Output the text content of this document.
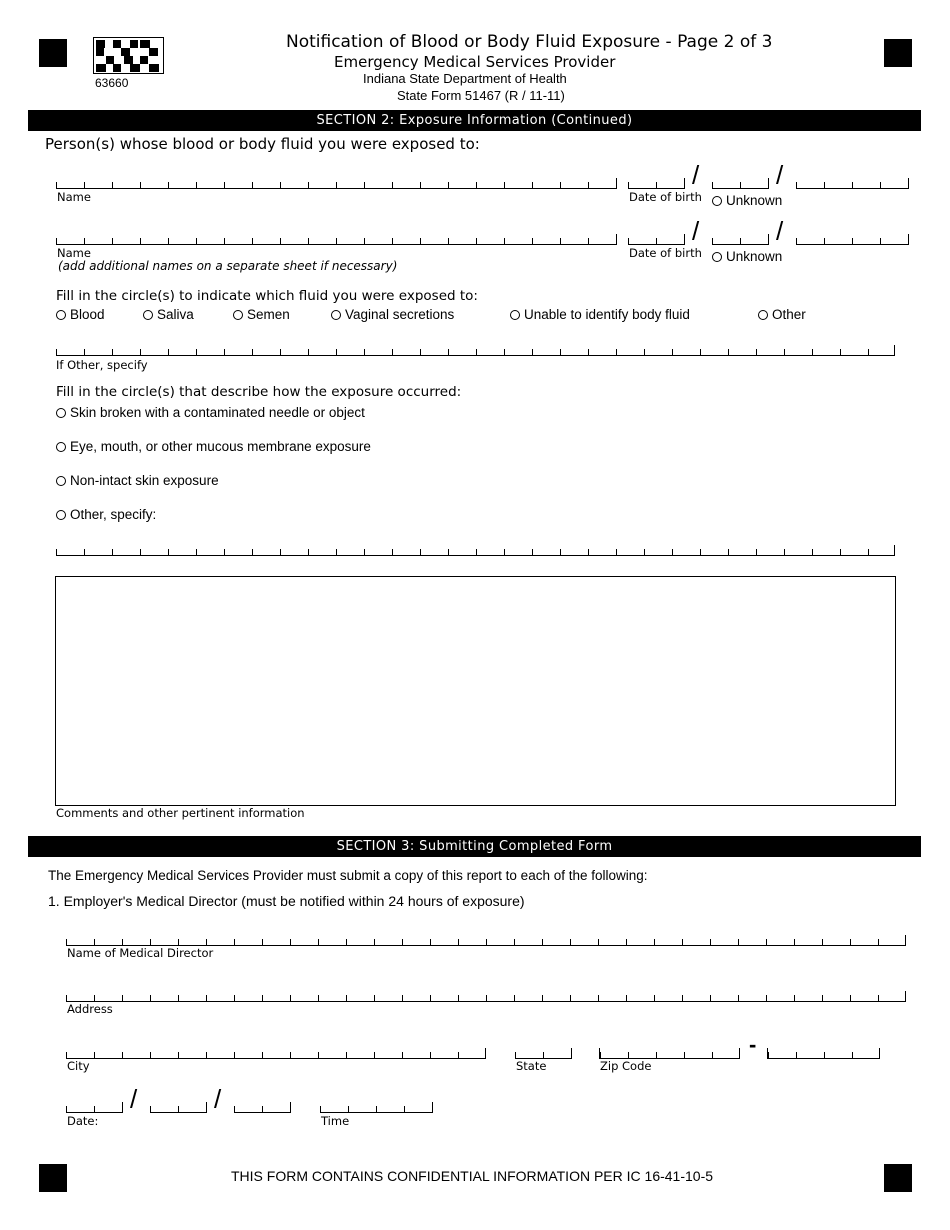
63660
Notification of Blood or Body Fluid Exposure - Page 2 of 3
Emergency Medical Services Provider
Indiana State Department of Health
State Form 51467 (R / 11-11)
SECTION 2: Exposure Information (Continued)
Person(s) whose blood or body fluid you were exposed to:
Name
/	/
Date of birth	Unknown
Name
/	/
Date of birth	Unknown
(add additional names on a separate sheet if necessary)
Fill in the circle(s) to indicate which fluid you were exposed to:
Blood	Saliva	Semen	Vaginal secretions	Unable to identify body fluid	Other
If Other, specify
Fill in the circle(s) that describe how the exposure occurred:
Skin broken with a contaminated needle or object
Eye, mouth, or other mucous membrane exposure
Non-intact skin exposure
Other, specify:
Comments and other pertinent information
SECTION 3: Submitting Completed Form
The Emergency Medical Services Provider must submit a copy of this report to each of the following:
1. Employer's Medical Director (must be notified within 24 hours of exposure)
Name of Medical Director
Address
City	State
-
Zip Code
/	/
Date:	Time
THIS FORM CONTAINS CONFIDENTIAL INFORMATION PER IC 16-41-10-5
